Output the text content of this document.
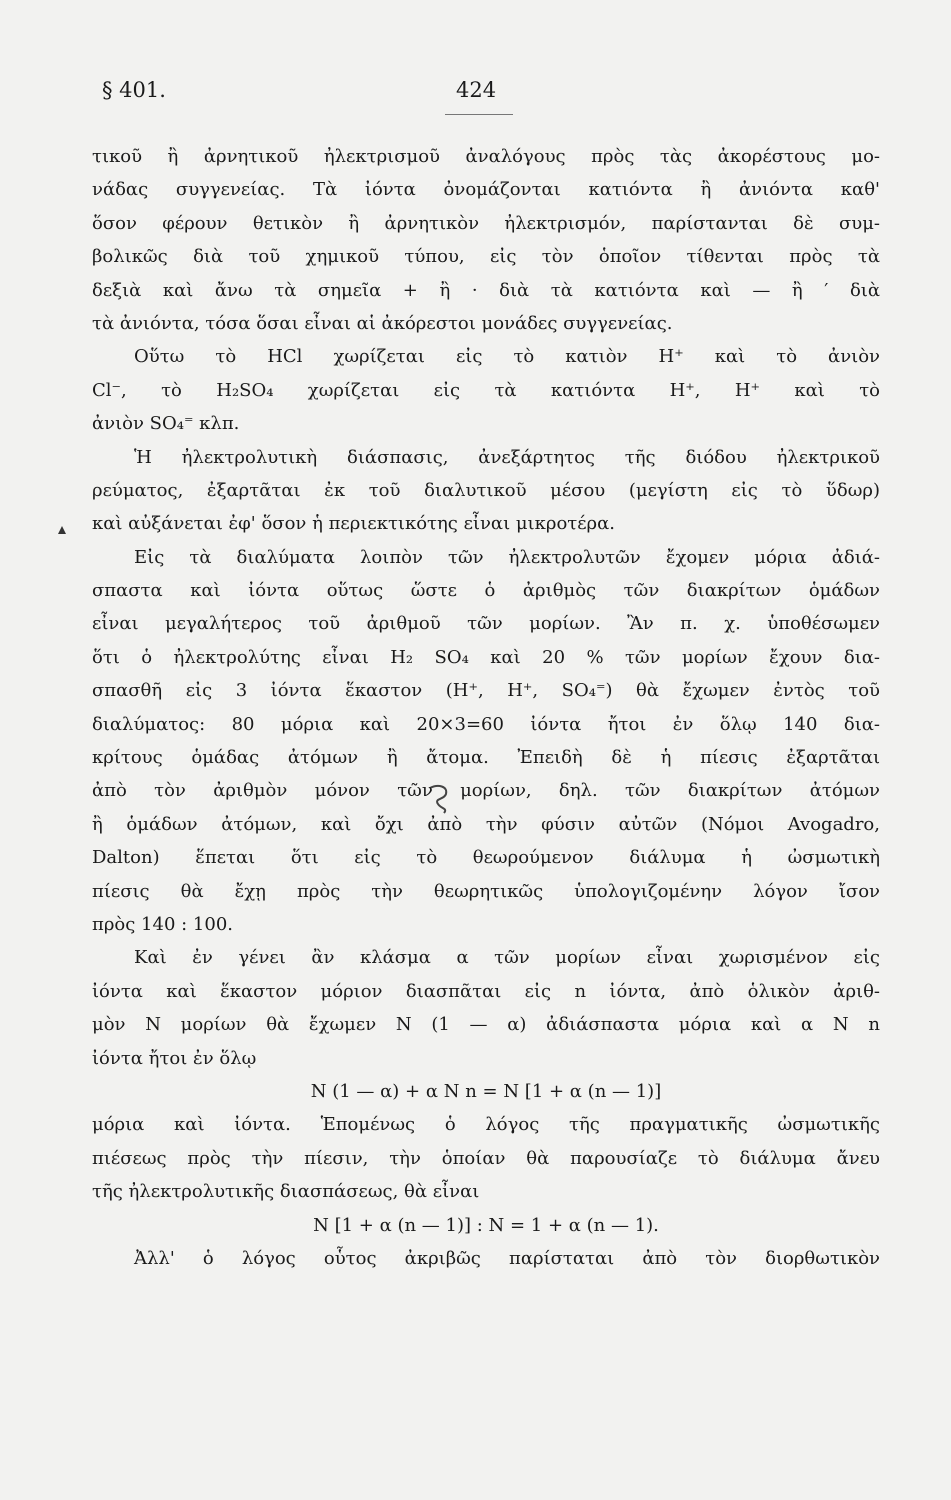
§ 401.	424
τικοῦ ἢ ἀρνητικοῦ ἠλεκτρισμοῦ ἀναλόγους πρὸς τὰς ἀκορέστους μο-
νάδας συγγενείας. Τὰ ἰόντα ὀνομάζονται κατιόντα ἢ ἀνιόντα καθ'
ὅσον φέρουν θετικὸν ἢ ἀρνητικὸν ἠλεκτρισμόν, παρίστανται δὲ συμ-
βολικῶς διὰ τοῦ χημικοῦ τύπου, εἰς τὸν ὁποῖον τίθενται πρὸς τὰ
δεξιὰ καὶ ἄνω τὰ σημεῖα + ἢ · διὰ τὰ κατιόντα καὶ — ἢ ′ διὰ
τὰ ἀνιόντα, τόσα ὅσαι εἶναι αἱ ἀκόρεστοι μονάδες συγγενείας.
Οὕτω τὸ HCl χωρίζεται εἰς τὸ κατιὸν H⁺ καὶ τὸ ἀνιὸν
Cl⁻, τὸ H₂SO₄ χωρίζεται εἰς τὰ κατιόντα H⁺, H⁺ καὶ τὸ
ἀνιὸν SO₄⁼ κλπ.
Ἡ ἠλεκτρολυτικὴ διάσπασις, ἀνεξάρτητος τῆς διόδου ἠλεκτρικοῦ
ρεύματος, ἐξαρτᾶται ἐκ τοῦ διαλυτικοῦ μέσου (μεγίστη εἰς τὸ ὕδωρ)
καὶ αὐξάνεται ἐφ' ὅσον ἡ περιεκτικότης εἶναι μικροτέρα.
Εἰς τὰ διαλύματα λοιπὸν τῶν ἠλεκτρολυτῶν ἔχομεν μόρια ἀδιά-
σπαστα καὶ ἰόντα οὕτως ὥστε ὁ ἀριθμὸς τῶν διακρίτων ὁμάδων
εἶναι μεγαλήτερος τοῦ ἀριθμοῦ τῶν μορίων. Ἂν π. χ. ὑποθέσωμεν
ὅτι ὁ ἠλεκτρολύτης εἶναι H₂ SO₄ καὶ 20 % τῶν μορίων ἔχουν δια-
σπασθῆ εἰς 3 ἰόντα ἕκαστον (H⁺, H⁺, SO₄⁼) θὰ ἔχωμεν ἐντὸς τοῦ
διαλύματος: 80 μόρια καὶ 20×3=60 ἰόντα ἤτοι ἐν ὅλῳ 140 δια-
κρίτους ὁμάδας ἀτόμων ἢ ἄτομα. Ἐπειδὴ δὲ ἡ πίεσις ἐξαρτᾶται
ἀπὸ τὸν ἀριθμὸν μόνον τῶν μορίων, δηλ. τῶν διακρίτων ἀτόμων
ἢ ὁμάδων ἀτόμων, καὶ ὄχι ἀπὸ τὴν φύσιν αὐτῶν (Νόμοι Avogadro,
Dalton) ἕπεται ὅτι εἰς τὸ θεωρούμενον διάλυμα ἡ ὠσμωτικὴ
πίεσις θὰ ἔχῃ πρὸς τὴν θεωρητικῶς ὑπολογιζομένην λόγον ἴσον
πρὸς 140 : 100.
Καὶ ἐν γένει ἂν κλάσμα α τῶν μορίων εἶναι χωρισμένον εἰς
ἰόντα καὶ ἕκαστον μόριον διασπᾶται εἰς n ἰόντα, ἀπὸ ὁλικὸν ἀριθ-
μὸν N μορίων θὰ ἔχωμεν N (1 — α) ἀδιάσπαστα μόρια καὶ α N n
ἰόντα ἤτοι ἐν ὅλῳ
N (1 — α) + α N n = N [1 + α (n — 1)]
μόρια καὶ ἰόντα. Ἑπομένως ὁ λόγος τῆς πραγματικῆς ὠσμωτικῆς
πιέσεως πρὸς τὴν πίεσιν, τὴν ὁποίαν θὰ παρουσίαζε τὸ διάλυμα ἄνευ
τῆς ἠλεκτρολυτικῆς διασπάσεως, θὰ εἶναι
N [1 + α (n — 1)] : N = 1 + α (n — 1).
Ἀλλ' ὁ λόγος οὗτος ἀκριβῶς παρίσταται ἀπὸ τὸν διορθωτικὸν
